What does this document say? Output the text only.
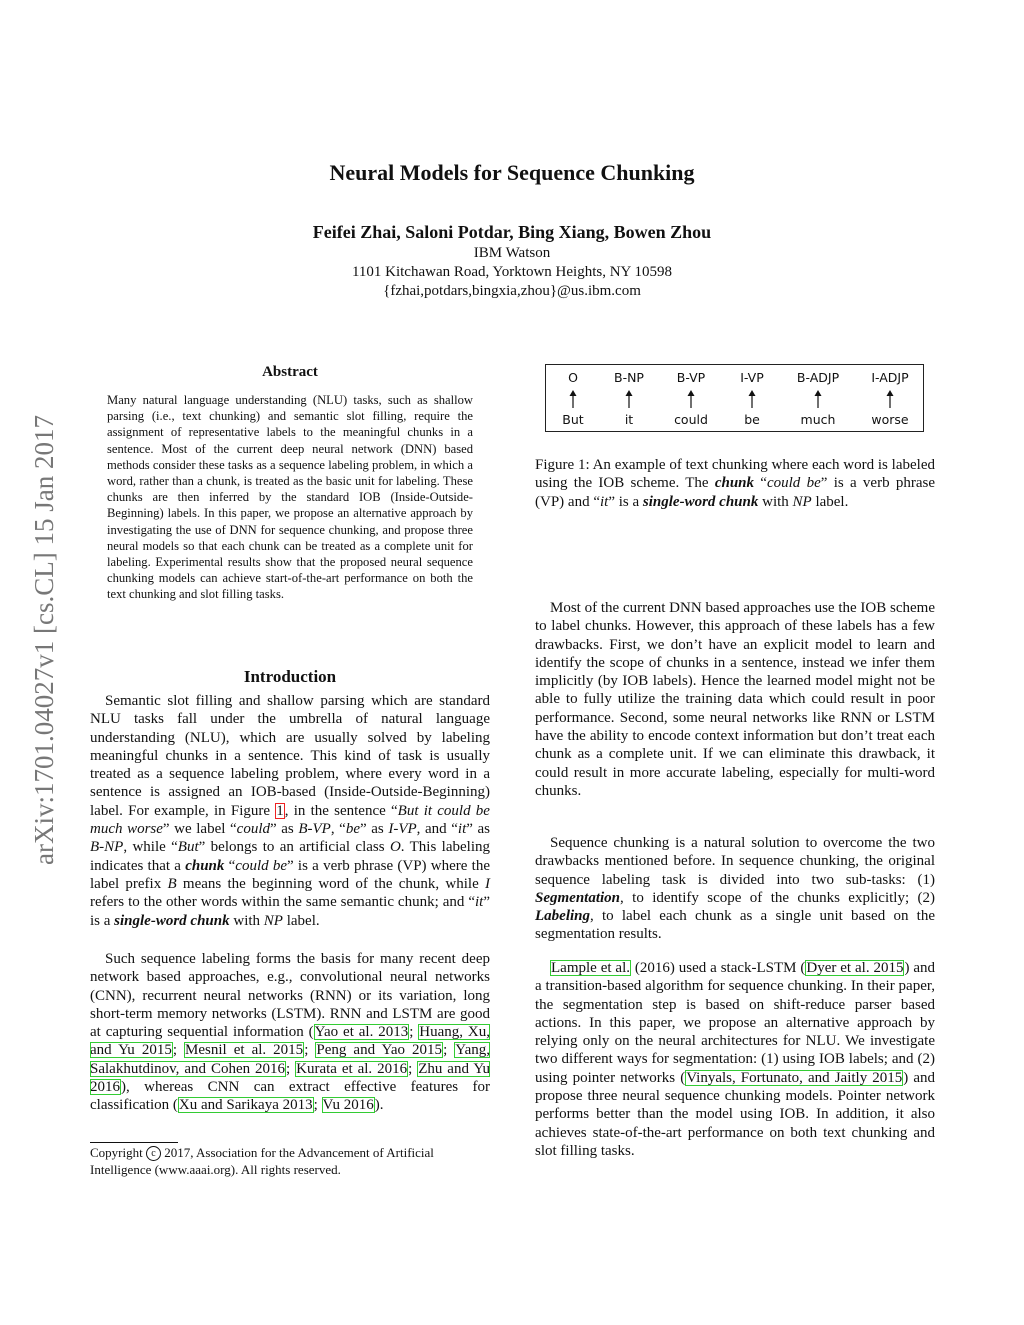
Neural Models for Sequence Chunking
Feifei Zhai, Saloni Potdar, Bing Xiang, Bowen Zhou
IBM Watson
1101 Kitchawan Road, Yorktown Heights, NY 10598
{fzhai,potdars,bingxia,zhou}@us.ibm.com
arXiv:1701.04027v1 [cs.CL] 15 Jan 2017
Abstract
Many natural language understanding (NLU) tasks, such as shallow parsing (i.e., text chunking) and semantic slot filling, require the assignment of representative labels to the meaningful chunks in a sentence. Most of the current deep neural network (DNN) based methods consider these tasks as a sequence labeling problem, in which a word, rather than a chunk, is treated as the basic unit for labeling. These chunks are then inferred by the standard IOB (Inside-Outside-Beginning) labels. In this paper, we propose an alternative approach by investigating the use of DNN for sequence chunking, and propose three neural models so that each chunk can be treated as a complete unit for labeling. Experimental results show that the proposed neural sequence chunking models can achieve start-of-the-art performance on both the text chunking and slot filling tasks.
Introduction
Semantic slot filling and shallow parsing which are standard NLU tasks fall under the umbrella of natural language understanding (NLU), which are usually solved by labeling meaningful chunks in a sentence. This kind of task is usually treated as a sequence labeling problem, where every word in a sentence is assigned an IOB-based (Inside-Outside-Beginning) label. For example, in Figure 1, in the sentence “But it could be much worse” we label “could” as B-VP, “be” as I-VP, and “it” as B-NP, while “But” belongs to an artificial class O. This labeling indicates that a chunk “could be” is a verb phrase (VP) where the label prefix B means the beginning word of the chunk, while I refers to the other words within the same semantic chunk; and “it” is a single-word chunk with NP label.
Such sequence labeling forms the basis for many recent deep network based approaches, e.g., convolutional neural networks (CNN), recurrent neural networks (RNN) or its variation, long short-term memory networks (LSTM). RNN and LSTM are good at capturing sequential information (Yao et al. 2013; Huang, Xu, and Yu 2015; Mesnil et al. 2015; Peng and Yao 2015; Yang, Salakhutdinov, and Cohen 2016; Kurata et al. 2016; Zhu and Yu 2016), whereas CNN can extract effective features for classification (Xu and Sarikaya 2013; Vu 2016).
Copyright c 2017, Association for the Advancement of Artificial Intelligence (www.aaai.org). All rights reserved.
O
But
B-NP
it
B-VP
could
I-VP
be
B-ADJP
much
I-ADJP
worse
Figure 1: An example of text chunking where each word is labeled using the IOB scheme. The chunk “could be” is a verb phrase (VP) and “it” is a single-word chunk with NP label.
Most of the current DNN based approaches use the IOB scheme to label chunks. However, this approach of these labels has a few drawbacks. First, we don’t have an explicit model to learn and identify the scope of chunks in a sentence, instead we infer them implicitly (by IOB labels). Hence the learned model might not be able to fully utilize the training data which could result in poor performance. Second, some neural networks like RNN or LSTM have the ability to encode context information but don’t treat each chunk as a complete unit. If we can eliminate this drawback, it could result in more accurate labeling, especially for multi-word chunks.
Sequence chunking is a natural solution to overcome the two drawbacks mentioned before. In sequence chunking, the original sequence labeling task is divided into two sub-tasks: (1) Segmentation, to identify scope of the chunks explicitly; (2) Labeling, to label each chunk as a single unit based on the segmentation results.
Lample et al. (2016) used a stack-LSTM (Dyer et al. 2015) and a transition-based algorithm for sequence chunking. In their paper, the segmentation step is based on shift-reduce parser based actions. In this paper, we propose an alternative approach by relying only on the neural architectures for NLU. We investigate two different ways for segmentation: (1) using IOB labels; and (2) using pointer networks (Vinyals, Fortunato, and Jaitly 2015) and propose three neural sequence chunking models. Pointer network performs better than the model using IOB. In addition, it also achieves state-of-the-art performance on both text chunking and slot filling tasks.
